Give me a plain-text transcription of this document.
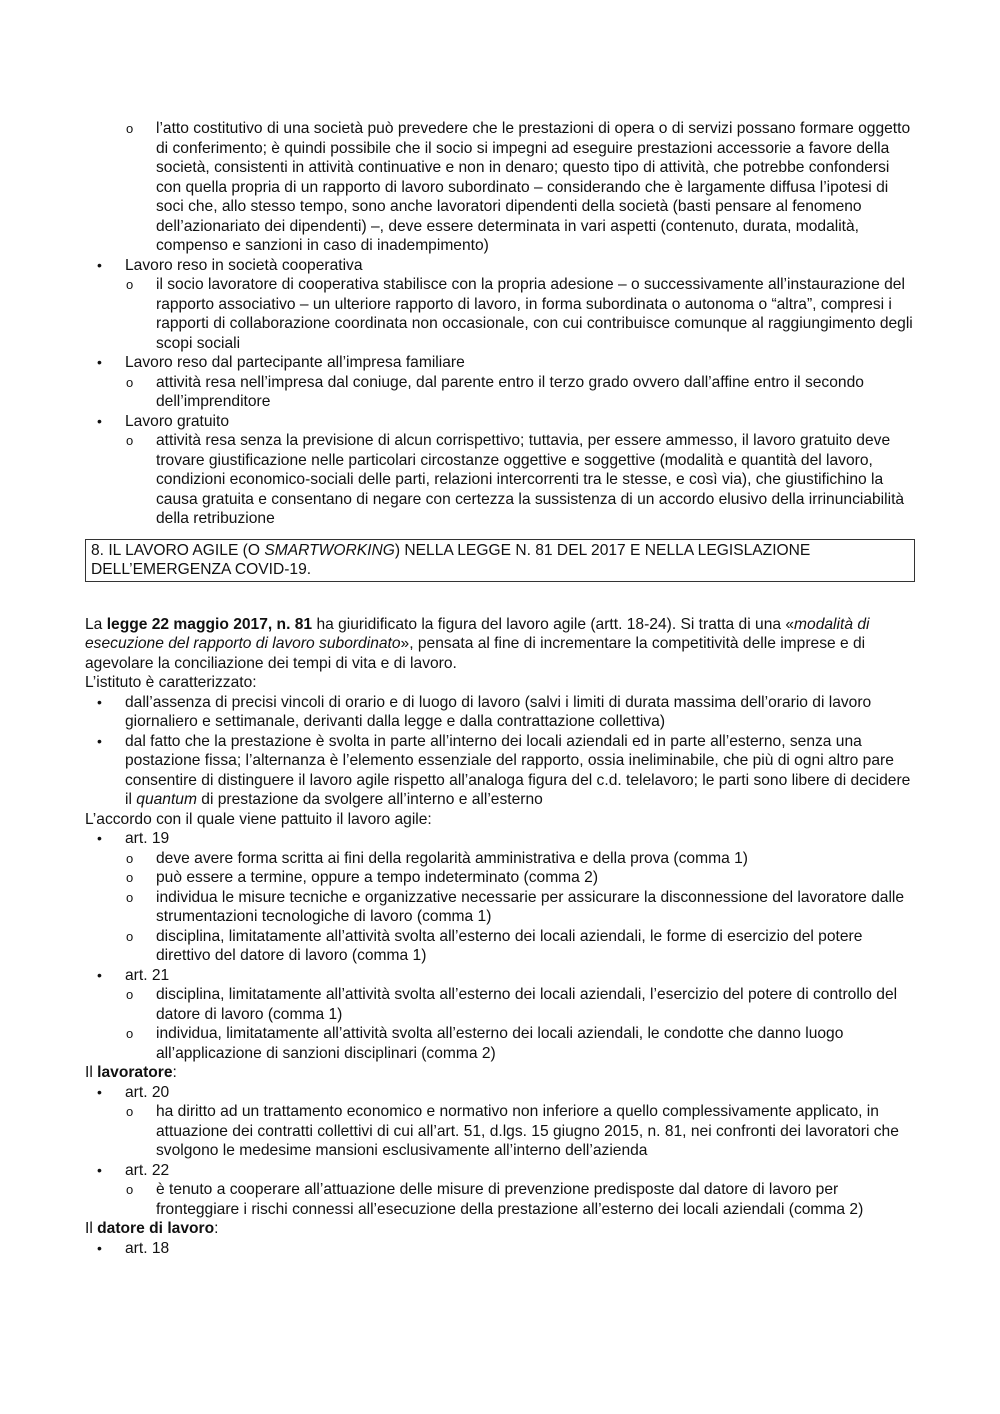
o l’atto costitutivo di una società può prevedere che le prestazioni di opera o di servizi possano formare oggetto di conferimento; è quindi possibile che il socio si impegni ad eseguire prestazioni accessorie a favore della società, consistenti in attività continuative e non in denaro; questo tipo di attività, che potrebbe confondersi con quella propria di un rapporto di lavoro subordinato – considerando che è largamente diffusa l’ipotesi di soci che, allo stesso tempo, sono anche lavoratori dipendenti della società (basti pensare al fenomeno dell’azionariato dei dipendenti) –, deve essere determinata in vari aspetti (contenuto, durata, modalità, compenso e sanzioni in caso di inadempimento)
• Lavoro reso in società cooperativa
o il socio lavoratore di cooperativa stabilisce con la propria adesione – o successivamente all’instaurazione del rapporto associativo – un ulteriore rapporto di lavoro, in forma subordinata o autonoma o “altra”, compresi i rapporti di collaborazione coordinata non occasionale, con cui contribuisce comunque al raggiungimento degli scopi sociali
• Lavoro reso dal partecipante all’impresa familiare
o attività resa nell’impresa dal coniuge, dal parente entro il terzo grado ovvero dall’affine entro il secondo dell’imprenditore
• Lavoro gratuito
o attività resa senza la previsione di alcun corrispettivo; tuttavia, per essere ammesso, il lavoro gratuito deve trovare giustificazione nelle particolari circostanze oggettive e soggettive (modalità e quantità del lavoro, condizioni economico-sociali delle parti, relazioni intercorrenti tra le stesse, e così via), che giustifichino la causa gratuita e consentano di negare con certezza la sussistenza di un accordo elusivo della irrinunciabilità della retribuzione
8. IL LAVORO AGILE (O SMARTWORKING) NELLA LEGGE N. 81 DEL 2017 E NELLA LEGISLAZIONE DELL’EMERGENZA COVID-19.
La legge 22 maggio 2017, n. 81 ha giuridificato la figura del lavoro agile (artt. 18-24). Si tratta di una «modalità di esecuzione del rapporto di lavoro subordinato», pensata al fine di incrementare la competitività delle imprese e di agevolare la conciliazione dei tempi di vita e di lavoro.
L’istituto è caratterizzato:
• dall’assenza di precisi vincoli di orario e di luogo di lavoro (salvi i limiti di durata massima dell’orario di lavoro giornaliero e settimanale, derivanti dalla legge e dalla contrattazione collettiva)
• dal fatto che la prestazione è svolta in parte all’interno dei locali aziendali ed in parte all’esterno, senza una postazione fissa; l’alternanza è l’elemento essenziale del rapporto, ossia ineliminabile, che più di ogni altro pare consentire di distinguere il lavoro agile rispetto all’analoga figura del c.d. telelavoro; le parti sono libere di decidere il quantum di prestazione da svolgere all’interno e all’esterno
L’accordo con il quale viene pattuito il lavoro agile:
• art. 19
o deve avere forma scritta ai fini della regolarità amministrativa e della prova (comma 1)
o può essere a termine, oppure a tempo indeterminato (comma 2)
o individua le misure tecniche e organizzative necessarie per assicurare la disconnessione del lavoratore dalle strumentazioni tecnologiche di lavoro (comma 1)
o disciplina, limitatamente all’attività svolta all’esterno dei locali aziendali, le forme di esercizio del potere direttivo del datore di lavoro (comma 1)
• art. 21
o disciplina, limitatamente all’attività svolta all’esterno dei locali aziendali, l’esercizio del potere di controllo del datore di lavoro (comma 1)
o individua, limitatamente all’attività svolta all’esterno dei locali aziendali, le condotte che danno luogo all’applicazione di sanzioni disciplinari (comma 2)
Il lavoratore:
• art. 20
o ha diritto ad un trattamento economico e normativo non inferiore a quello complessivamente applicato, in attuazione dei contratti collettivi di cui all’art. 51, d.lgs. 15 giugno 2015, n. 81, nei confronti dei lavoratori che svolgono le medesime mansioni esclusivamente all’interno dell’azienda
• art. 22
o è tenuto a cooperare all’attuazione delle misure di prevenzione predisposte dal datore di lavoro per fronteggiare i rischi connessi all’esecuzione della prestazione all’esterno dei locali aziendali (comma 2)
Il datore di lavoro:
• art. 18
